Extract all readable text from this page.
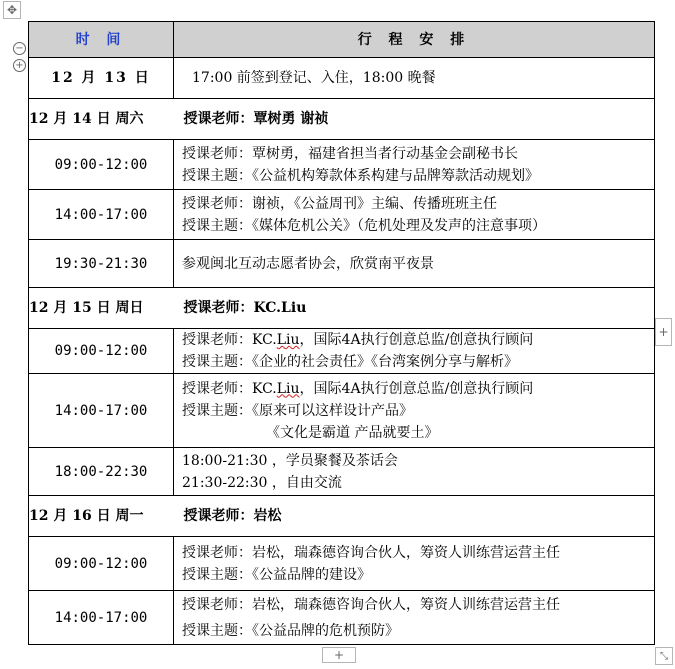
✥
−
+
时 间	行 程 安 排
12 月 13 日	17:00 前签到登记、入住，18:00 晚餐

12 月 14 日 周六 授课老师：覃树勇 谢祯	
09:00-12:00	授课老师：覃树勇，福建省担当者行动基金会副秘书长
授课主题：《公益机构筹款体系构建与品牌筹款活动规划》

14:00-17:00	授课老师：谢祯，《公益周刊》主编、传播班班主任
授课主题：《媒体危机公关》（危机处理及发声的注意事项）

19:30-21:30	参观闽北互动志愿者协会，欣赏南平夜景

12 月 15 日 周日 授课老师：KC.Liu	
09:00-12:00	授课老师：KC.Liu，国际4A执行创意总监/创意执行顾问
授课主题：《企业的社会责任》《台湾案例分享与解析》

14:00-17:00	授课老师：KC.Liu，国际4A执行创意总监/创意执行顾问
授课主题：《原来可以这样设计产品》
《文化是霸道 产品就要土》

18:00-22:30	18:00-21:30 ，学员聚餐及茶话会
21:30-22:30 ，自由交流

12 月 16 日 周一 授课老师：岩松	
09:00-12:00	授课老师：岩松，瑞森德咨询合伙人，筹资人训练营运营主任
授课主题：《公益品牌的建设》

14:00-17:00	授课老师：岩松，瑞森德咨询合伙人，筹资人训练营运营主任
授课主题：《公益品牌的危机预防》
+
+	⤡
